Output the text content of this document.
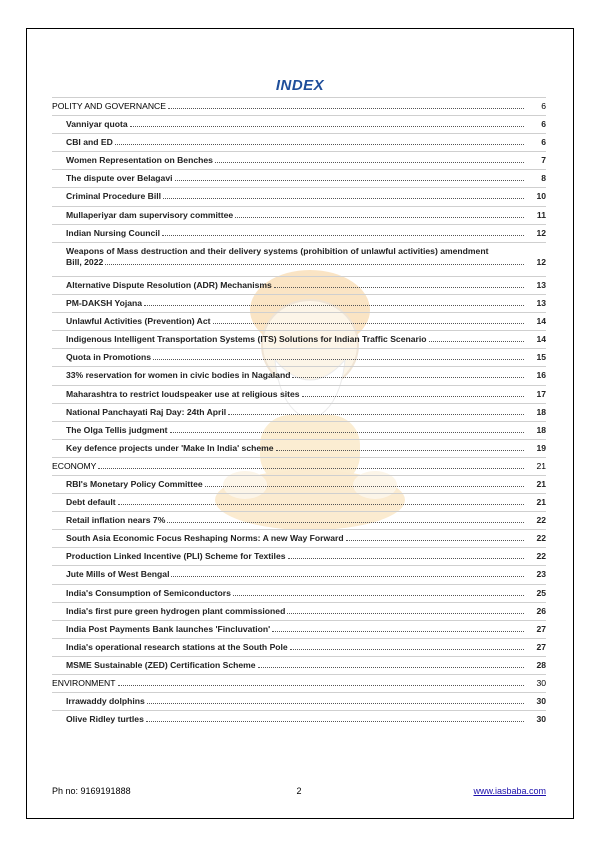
INDEX
POLITY AND GOVERNANCE	6
Vanniyar quota	6
CBI and ED	6
Women Representation on Benches	7
The dispute over Belagavi	8
Criminal Procedure Bill	10
Mullaperiyar dam supervisory committee	11
Indian Nursing Council	12
Weapons of Mass destruction and their delivery systems (prohibition of unlawful activities) amendment
Bill, 2022	12
Alternative Dispute Resolution (ADR) Mechanisms	13
PM-DAKSH Yojana	13
Unlawful Activities (Prevention) Act	14
Indigenous Intelligent Transportation Systems (ITS) Solutions for Indian Traffic Scenario	14
Quota in Promotions	15
33% reservation for women in civic bodies in Nagaland	16
Maharashtra to restrict loudspeaker use at religious sites	17
National Panchayati Raj Day: 24th April	18
The Olga Tellis judgment	18
Key defence projects under 'Make In India' scheme	19
ECONOMY	21
RBI's Monetary Policy Committee	21
Debt default	21
Retail inflation nears 7%	22
South Asia Economic Focus Reshaping Norms: A new Way Forward	22
Production Linked Incentive (PLI) Scheme for Textiles	22
Jute Mills of West Bengal	23
India's Consumption of Semiconductors	25
India's first pure green hydrogen plant commissioned	26
India Post Payments Bank launches 'Fincluvation'	27
India's operational research stations at the South Pole	27
MSME Sustainable (ZED) Certification Scheme	28
ENVIRONMENT	30
Irrawaddy dolphins	30
Olive Ridley turtles	30
Ph no: 9169191888	2	www.iasbaba.com
